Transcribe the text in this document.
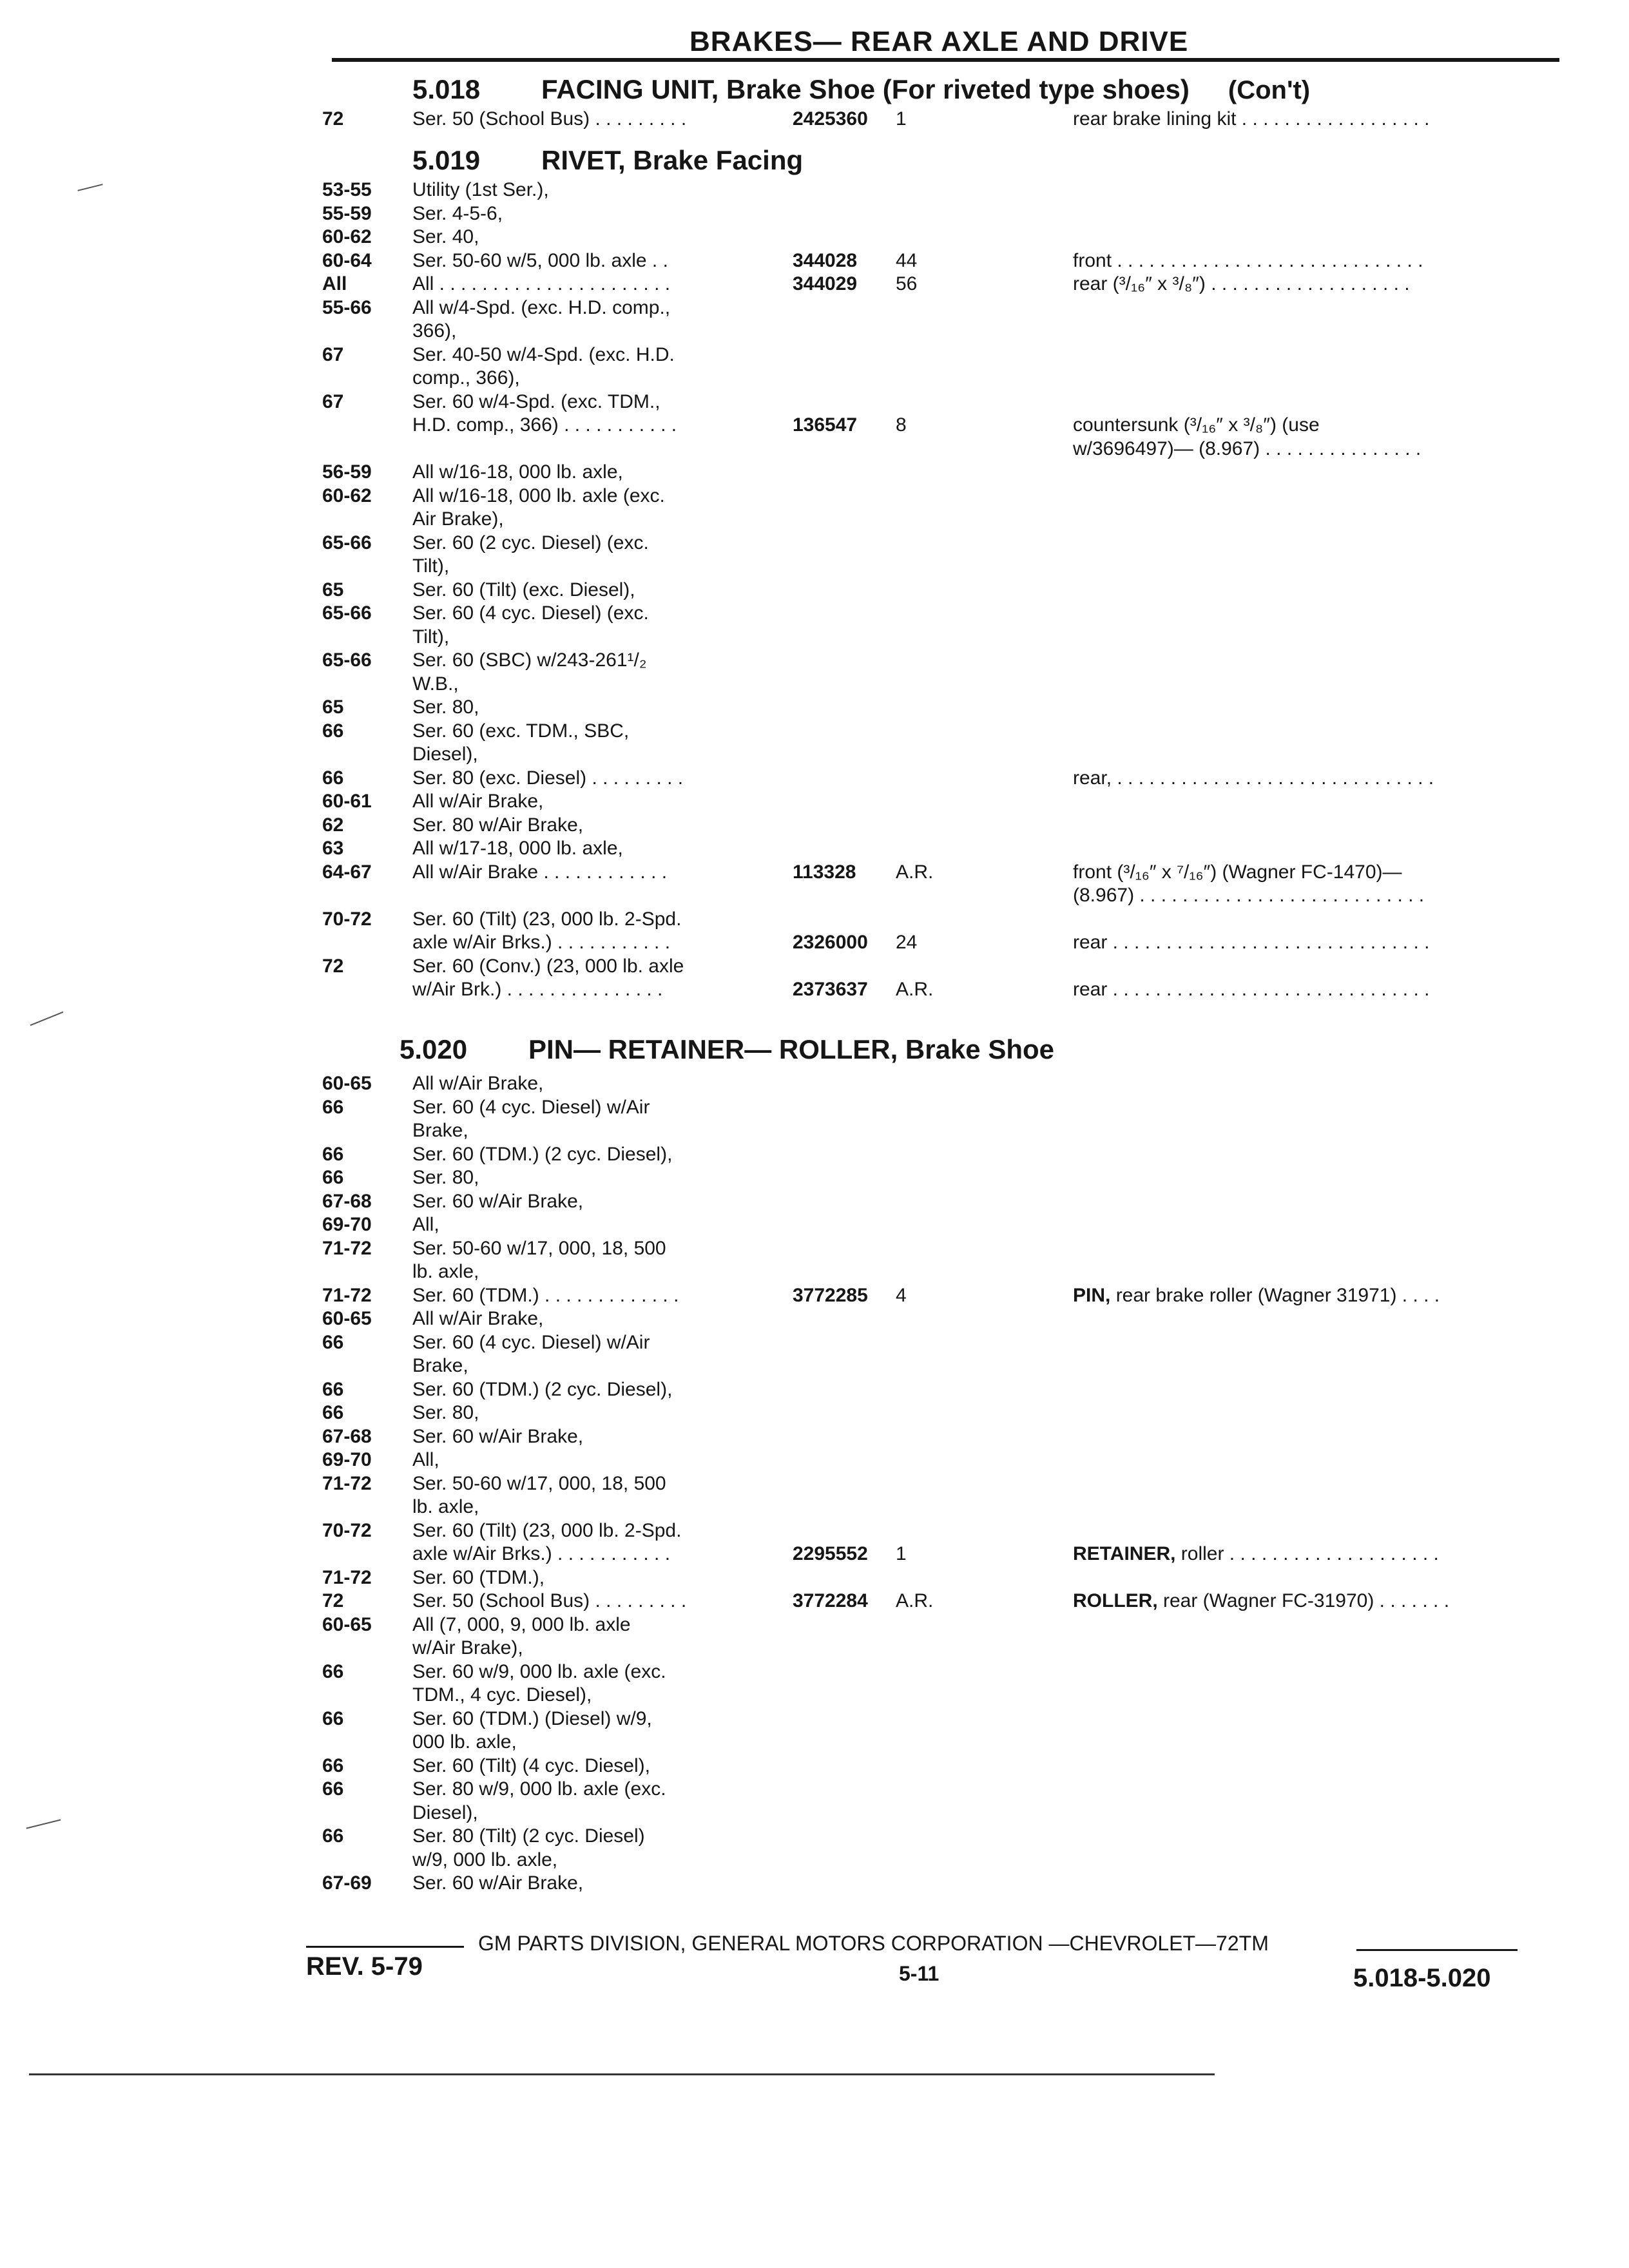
BRAKES— REAR AXLE AND DRIVE
5.018 FACING UNIT, Brake Shoe (For riveted type shoes) (Con't)
5.019 RIVET, Brake Facing
5.020 PIN— RETAINER— ROLLER, Brake Shoe
72	Ser. 50 (School Bus) . . . . . . . . .	2425360 1	rear brake lining kit . . . . . . . . . . . . . . . . . .
53-55 Utility (1st Ser.),
55-59 Ser. 4-5-6,
60-62 Ser. 40,
60-64 Ser. 50-60 w/5, 000 lb. axle . .	344028 44	front . . . . . . . . . . . . . . . . . . . . . . . . . . . . .
All	All . . . . . . . . . . . . . . . . . . . . . .	344029 56	rear (³/₁₆″ x ³/₈″) . . . . . . . . . . . . . . . . . . .
55-66 All w/4-Spd. (exc. H.D. comp.,
366),
67	Ser. 40-50 w/4-Spd. (exc. H.D.
comp., 366),
67	Ser. 60 w/4-Spd. (exc. TDM.,
H.D. comp., 366) . . . . . . . . . . .	136547 8	countersunk (³/₁₆″ x ³/₈″) (use
w/3696497)— (8.967) . . . . . . . . . . . . . . .
56-59 All w/16-18, 000 lb. axle,
60-62 All w/16-18, 000 lb. axle (exc.
Air Brake),
65-66 Ser. 60 (2 cyc. Diesel) (exc.
Tilt),
65	Ser. 60 (Tilt) (exc. Diesel),
65-66 Ser. 60 (4 cyc. Diesel) (exc.
Tilt),
65-66 Ser. 60 (SBC) w/243-261¹/₂
W.B.,
65	Ser. 80,
66	Ser. 60 (exc. TDM., SBC,
Diesel),
66	Ser. 80 (exc. Diesel) . . . . . . . . .	rear, . . . . . . . . . . . . . . . . . . . . . . . . . . . . . .
60-61 All w/Air Brake,
62	Ser. 80 w/Air Brake,
63	All w/17-18, 000 lb. axle,
64-67 All w/Air Brake . . . . . . . . . . . .	113328 A.R.	front (³/₁₆″ x ⁷/₁₆″) (Wagner FC-1470)—
(8.967) . . . . . . . . . . . . . . . . . . . . . . . . . . .
70-72 Ser. 60 (Tilt) (23, 000 lb. 2-Spd.
axle w/Air Brks.) . . . . . . . . . . .	2326000 24	rear . . . . . . . . . . . . . . . . . . . . . . . . . . . . . .
72	Ser. 60 (Conv.) (23, 000 lb. axle
w/Air Brk.) . . . . . . . . . . . . . . .	2373637 A.R.	rear . . . . . . . . . . . . . . . . . . . . . . . . . . . . . .
60-65 All w/Air Brake,
66	Ser. 60 (4 cyc. Diesel) w/Air
Brake,
66	Ser. 60 (TDM.) (2 cyc. Diesel),
66	Ser. 80,
67-68 Ser. 60 w/Air Brake,
69-70 All,
71-72 Ser. 50-60 w/17, 000, 18, 500
lb. axle,
71-72 Ser. 60 (TDM.) . . . . . . . . . . . . .	3772285 4	PIN, rear brake roller (Wagner 31971) . . . .
60-65 All w/Air Brake,
66	Ser. 60 (4 cyc. Diesel) w/Air
Brake,
66	Ser. 60 (TDM.) (2 cyc. Diesel),
66	Ser. 80,
67-68 Ser. 60 w/Air Brake,
69-70 All,
71-72 Ser. 50-60 w/17, 000, 18, 500
lb. axle,
70-72 Ser. 60 (Tilt) (23, 000 lb. 2-Spd.
axle w/Air Brks.) . . . . . . . . . . .	2295552 1	RETAINER, roller . . . . . . . . . . . . . . . . . . . .
71-72 Ser. 60 (TDM.),
72	Ser. 50 (School Bus) . . . . . . . . .	3772284 A.R.	ROLLER, rear (Wagner FC-31970) . . . . . . .
60-65 All (7, 000, 9, 000 lb. axle
w/Air Brake),
66	Ser. 60 w/9, 000 lb. axle (exc.
TDM., 4 cyc. Diesel),
66	Ser. 60 (TDM.) (Diesel) w/9,
000 lb. axle,
66	Ser. 60 (Tilt) (4 cyc. Diesel),
66	Ser. 80 w/9, 000 lb. axle (exc.
Diesel),
66	Ser. 80 (Tilt) (2 cyc. Diesel)
w/9, 000 lb. axle,
67-69 Ser. 60 w/Air Brake,
GM PARTS DIVISION, GENERAL MOTORS CORPORATION —CHEVROLET—72TM
REV. 5-79	5-11	5.018-5.020
